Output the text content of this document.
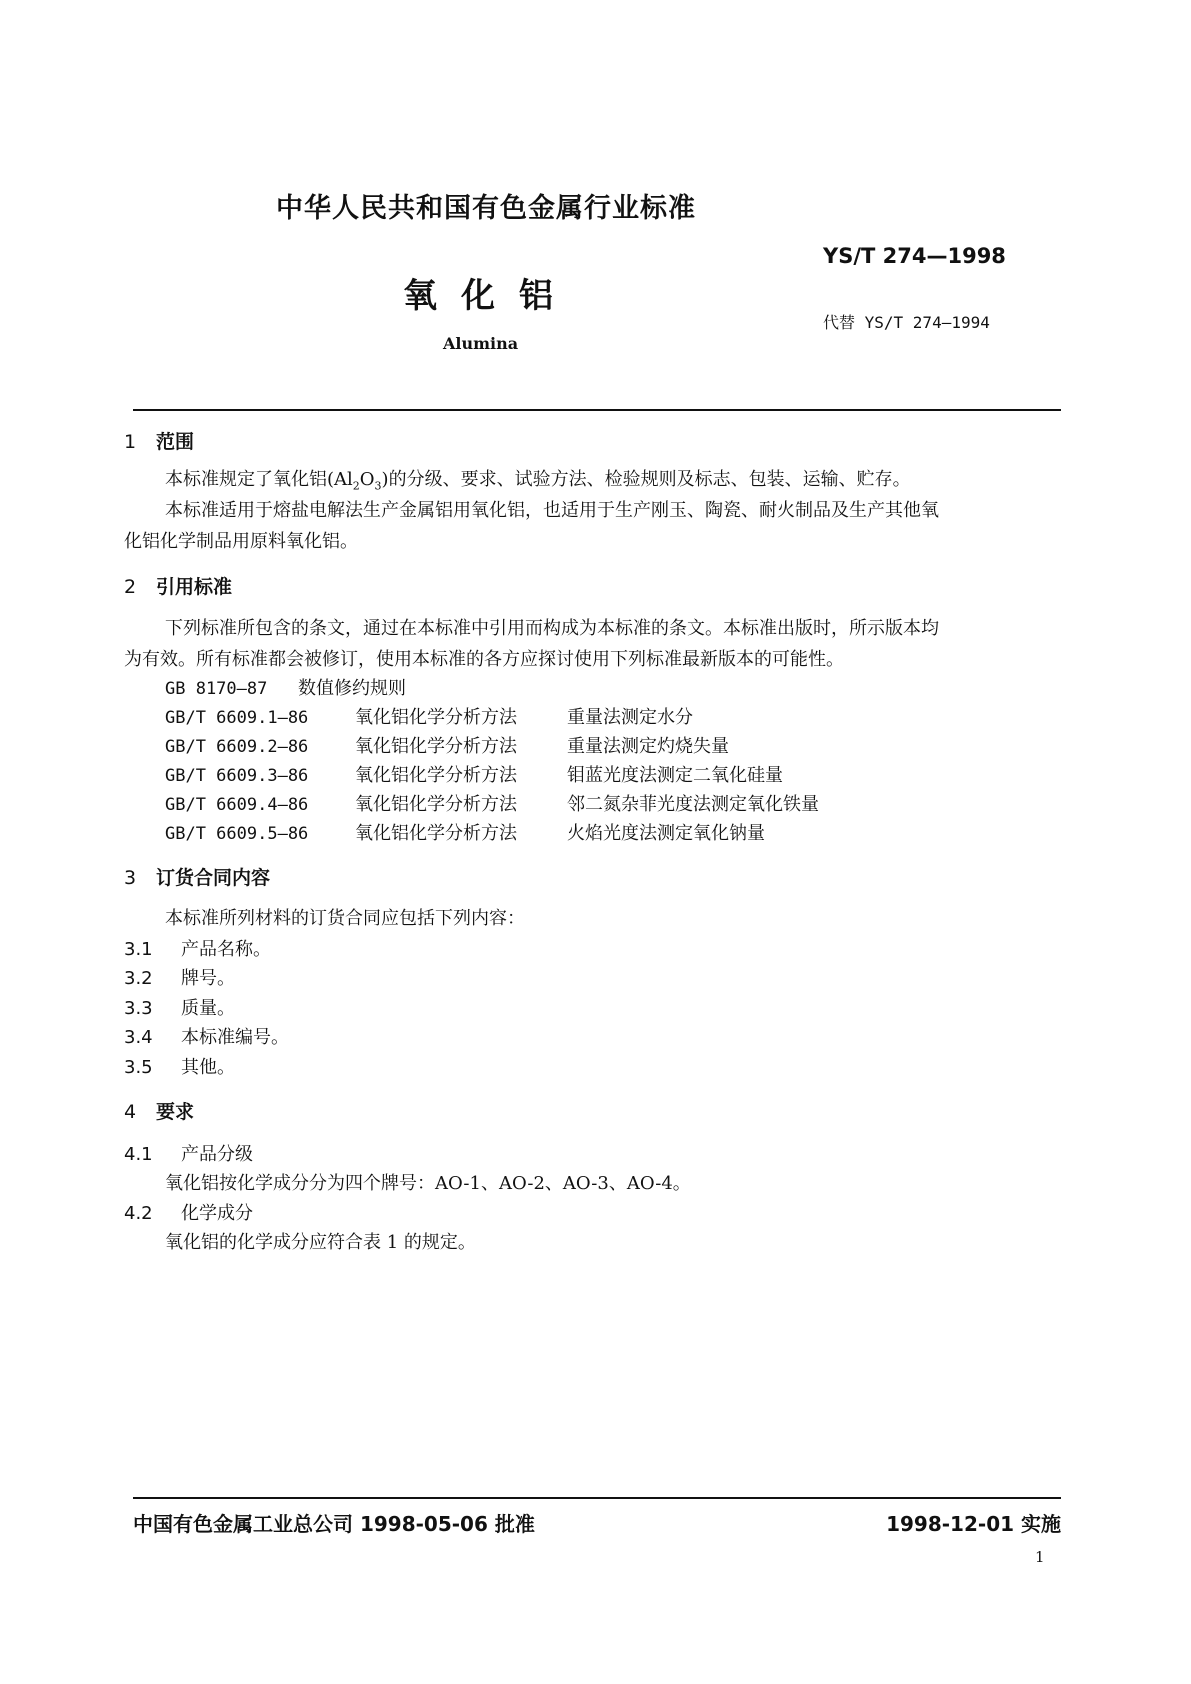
中华人民共和国有色金属行业标准
YS/T 274—1998
氧化铝
代替 YS/T 274—1994
Alumina
1 范围
本标准规定了氧化铝$(Al_2O_3)$的分级、要求、试验方法、检验规则及标志、包装、运输、贮存。
本标准适用于熔盐电解法生产金属铝用氧化铝，也适用于生产刚玉、陶瓷、耐火制品及生产其他氧
化铝化学制品用原料氧化铝。
2 引用标准
下列标准所包含的条文，通过在本标准中引用而构成为本标准的条文。本标准出版时，所示版本均
为有效。所有标准都会被修订，使用本标准的各方应探讨使用下列标准最新版本的可能性。
GB 8170—87 数值修约规则
GB/T 6609.1—86	氧化铝化学分析方法	重量法测定水分
GB/T 6609.2—86	氧化铝化学分析方法	重量法测定灼烧失量
GB/T 6609.3—86	氧化铝化学分析方法	钼蓝光度法测定二氧化硅量
GB/T 6609.4—86	氧化铝化学分析方法	邻二氮杂菲光度法测定氧化铁量
GB/T 6609.5—86	氧化铝化学分析方法	火焰光度法测定氧化钠量
3 订货合同内容
本标准所列材料的订货合同应包括下列内容：
3.1 产品名称。
3.2 牌号。
3.3 质量。
3.4 本标准编号。
3.5 其他。
4 要求
4.1 产品分级
氧化铝按化学成分分为四个牌号：AO-1、AO-2、AO-3、AO-4。
4.2 化学成分
氧化铝的化学成分应符合表 1 的规定。
中国有色金属工业总公司 1998-05-06 批准	1998-12-01 实施
1
